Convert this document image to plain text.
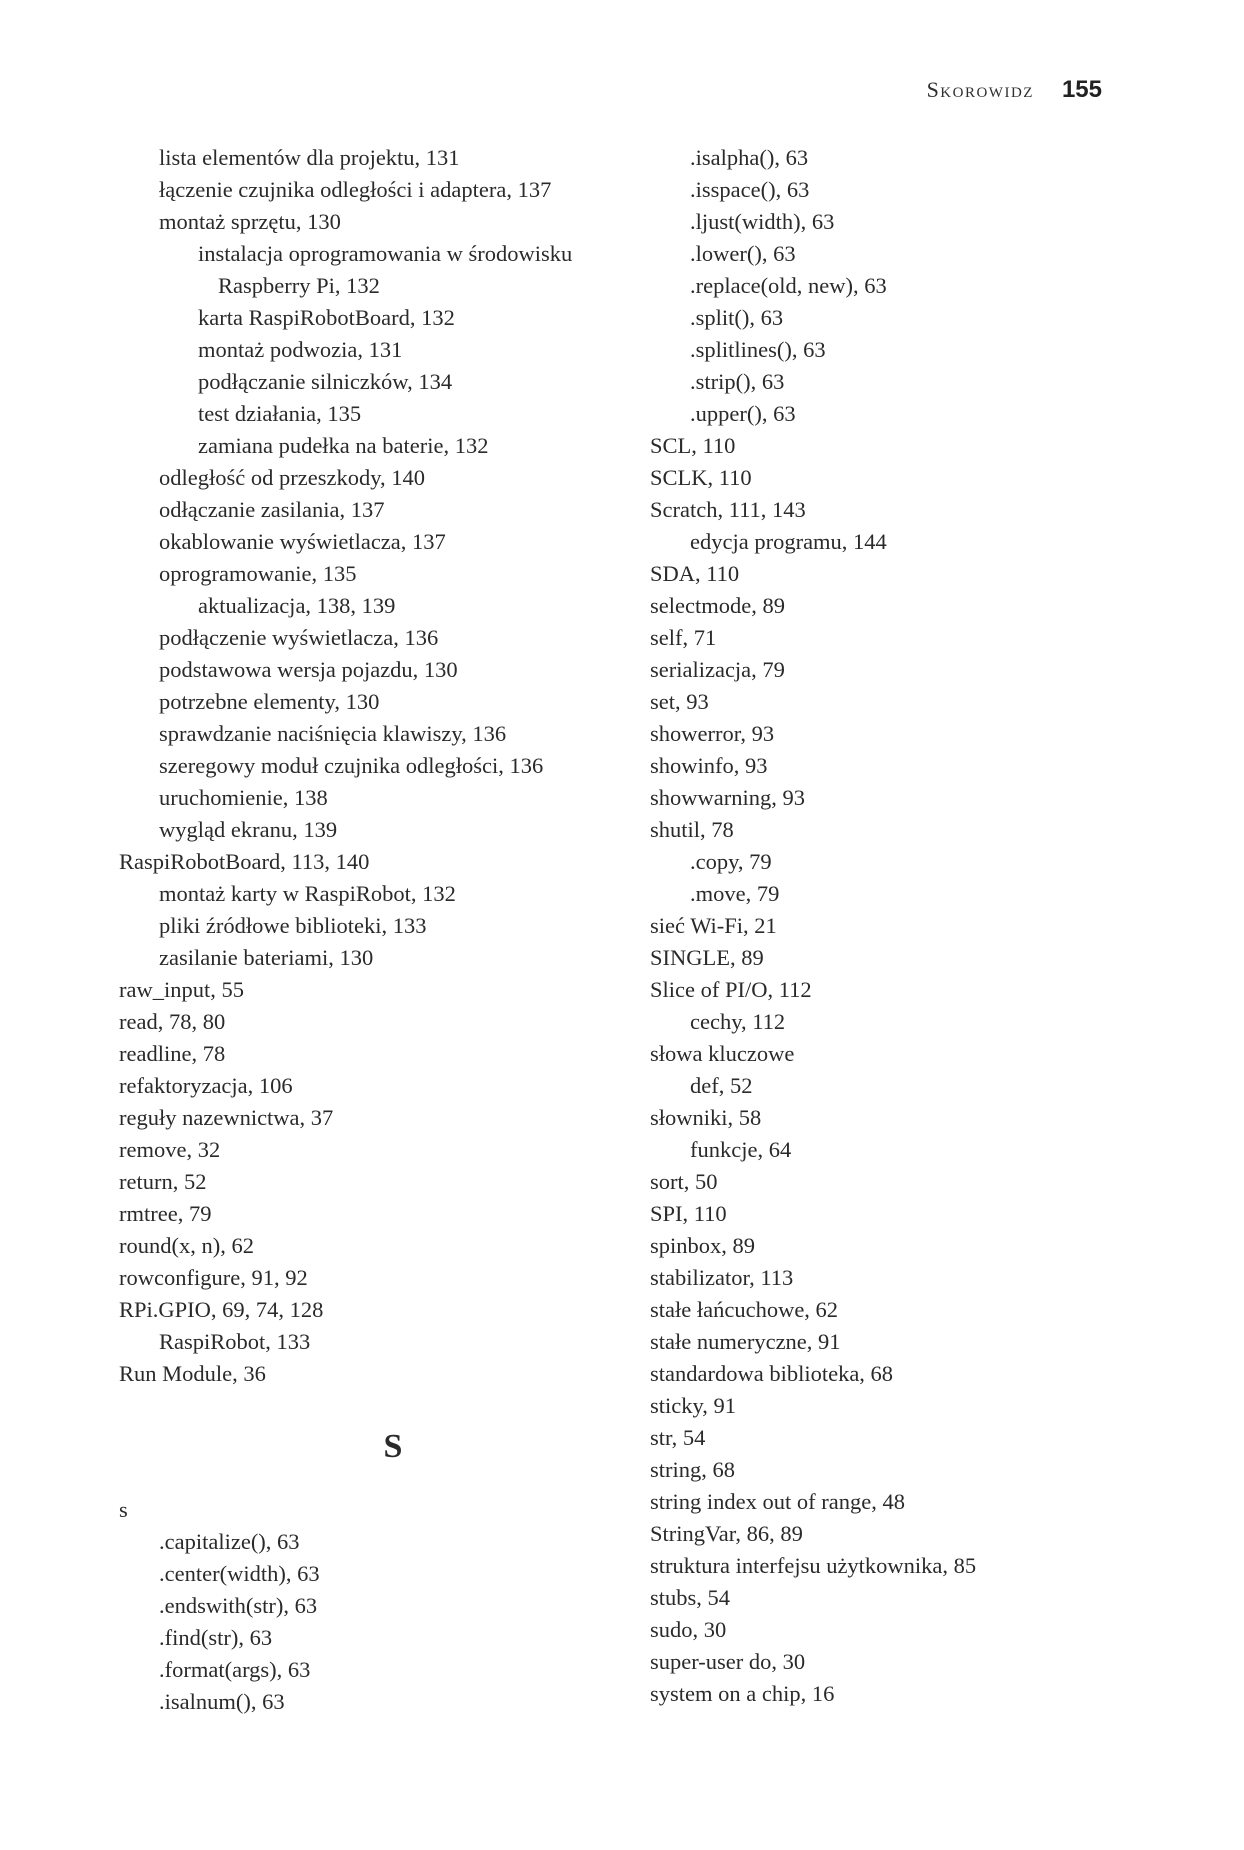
Skorowidz 155
lista elementów dla projektu, 131
łączenie czujnika odległości i adaptera, 137
montaż sprzętu, 130
instalacja oprogramowania w środowisku
Raspberry Pi, 132
karta RaspiRobotBoard, 132
montaż podwozia, 131
podłączanie silniczków, 134
test działania, 135
zamiana pudełka na baterie, 132
odległość od przeszkody, 140
odłączanie zasilania, 137
okablowanie wyświetlacza, 137
oprogramowanie, 135
aktualizacja, 138, 139
podłączenie wyświetlacza, 136
podstawowa wersja pojazdu, 130
potrzebne elementy, 130
sprawdzanie naciśnięcia klawiszy, 136
szeregowy moduł czujnika odległości, 136
uruchomienie, 138
wygląd ekranu, 139
RaspiRobotBoard, 113, 140
montaż karty w RaspiRobot, 132
pliki źródłowe biblioteki, 133
zasilanie bateriami, 130
raw_input, 55
read, 78, 80
readline, 78
refaktoryzacja, 106
reguły nazewnictwa, 37
remove, 32
return, 52
rmtree, 79
round(x, n), 62
rowconfigure, 91, 92
RPi.GPIO, 69, 74, 128
RaspiRobot, 133
Run Module, 36
S
s
.capitalize(), 63
.center(width), 63
.endswith(str), 63
.find(str), 63
.format(args), 63
.isalnum(), 63
.isalpha(), 63
.isspace(), 63
.ljust(width), 63
.lower(), 63
.replace(old, new), 63
.split(), 63
.splitlines(), 63
.strip(), 63
.upper(), 63
SCL, 110
SCLK, 110
Scratch, 111, 143
edycja programu, 144
SDA, 110
selectmode, 89
self, 71
serializacja, 79
set, 93
showerror, 93
showinfo, 93
showwarning, 93
shutil, 78
.copy, 79
.move, 79
sieć Wi-Fi, 21
SINGLE, 89
Slice of PI/O, 112
cechy, 112
słowa kluczowe
def, 52
słowniki, 58
funkcje, 64
sort, 50
SPI, 110
spinbox, 89
stabilizator, 113
stałe łańcuchowe, 62
stałe numeryczne, 91
standardowa biblioteka, 68
sticky, 91
str, 54
string, 68
string index out of range, 48
StringVar, 86, 89
struktura interfejsu użytkownika, 85
stubs, 54
sudo, 30
super-user do, 30
system on a chip, 16
